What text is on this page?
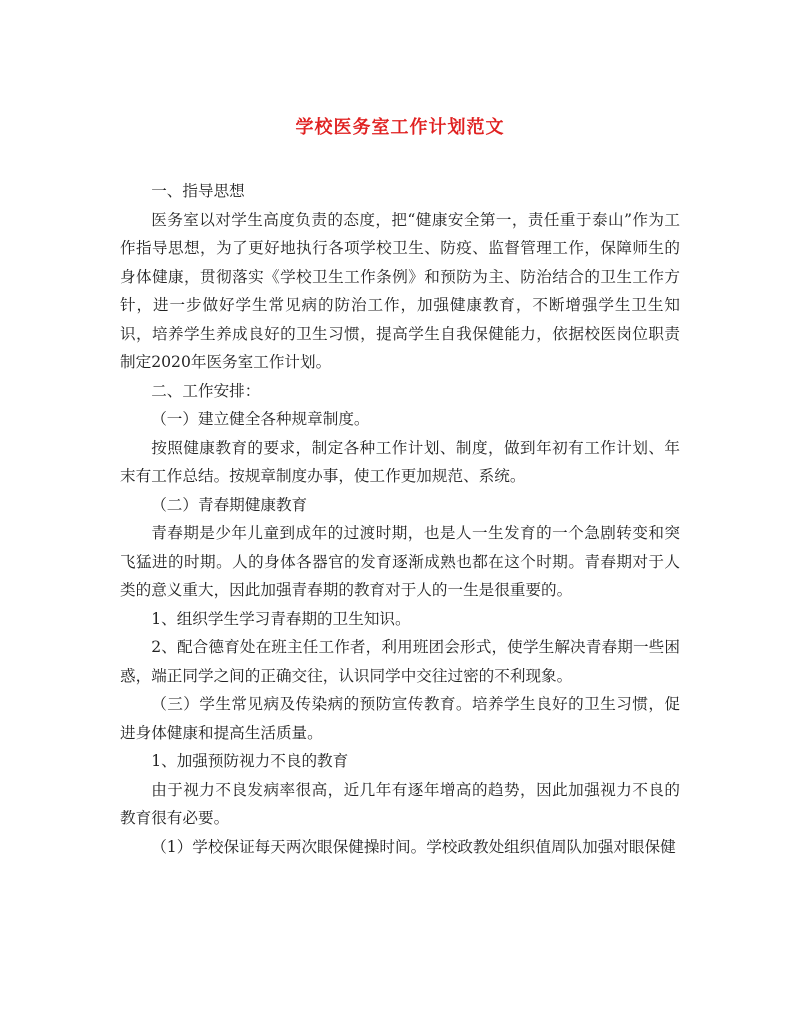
学校医务室工作计划范文

一、指导思想

医务室以对学生高度负责的态度，把“健康安全第一，责任重于泰山”作为工作指导思想，为了更好地执行各项学校卫生、防疫、监督管理工作，保障师生的身体健康，贯彻落实《学校卫生工作条例》和预防为主、防治结合的卫生工作方针，进一步做好学生常见病的防治工作，加强健康教育，不断增强学生卫生知识，培养学生养成良好的卫生习惯，提高学生自我保健能力，依据校医岗位职责制定2020年医务室工作计划。

二、工作安排：

（一）建立健全各种规章制度。

按照健康教育的要求，制定各种工作计划、制度，做到年初有工作计划、年末有工作总结。按规章制度办事，使工作更加规范、系统。

（二）青春期健康教育

青春期是少年儿童到成年的过渡时期，也是人一生发育的一个急剧转变和突飞猛进的时期。人的身体各器官的发育逐渐成熟也都在这个时期。青春期对于人类的意义重大，因此加强青春期的教育对于人的一生是很重要的。

1、组织学生学习青春期的卫生知识。

2、配合德育处在班主任工作者，利用班团会形式，使学生解决青春期一些困惑，端正同学之间的正确交往，认识同学中交往过密的不利现象。

（三）学生常见病及传染病的预防宣传教育。培养学生良好的卫生习惯，促进身体健康和提高生活质量。

1、加强预防视力不良的教育

由于视力不良发病率很高，近几年有逐年增高的趋势，因此加强视力不良的教育很有必要。

（1）学校保证每天两次眼保健操时间。学校政教处组织值周队加强对眼保健
